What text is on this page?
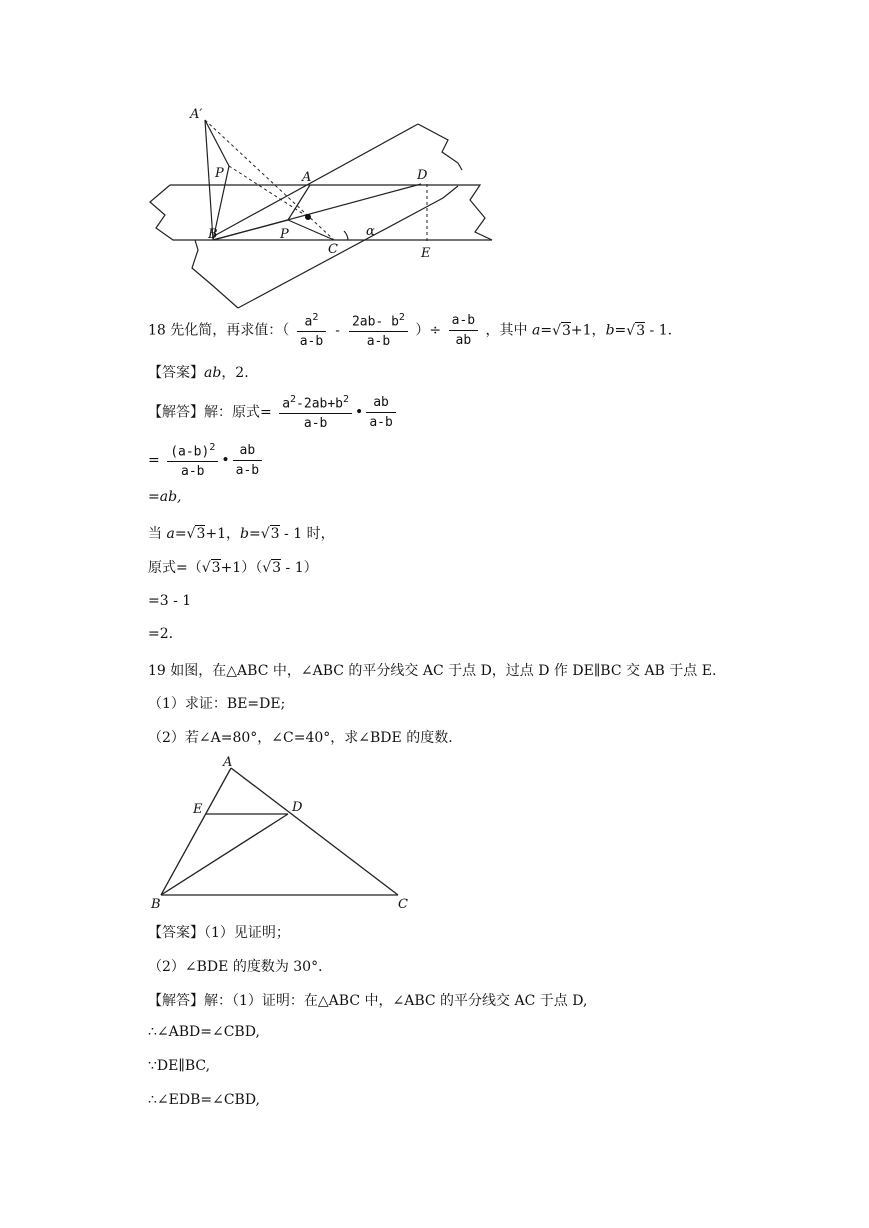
A′
P	A	D
B	P
C
α
E
18 先化简，再求值：（ $\frac{a^2}{a-b} - \frac{2ab- b^2}{a-b}$ ）÷ $\frac{a-b}{ab}$ ，其中 a=√3+1，b=√3 - 1.
【答案】ab，2.
【解答】解：原式= $\frac{a^2-2ab+b^2}{a-b}$ • $\frac{ab}{a-b}$
= $\frac{(a-b)^2}{a-b}$ • $\frac{ab}{a-b}$
=ab,
当 a=√3+1，b=√3 - 1 时，
原式=（√3+1）（√3 - 1）
=3 - 1
=2.
19 如图，在△ABC 中，∠ABC 的平分线交 AC 于点 D，过点 D 作 DE∥BC 交 AB 于点 E.
（1）求证：BE=DE;
（2）若∠A=80°，∠C=40°，求∠BDE 的度数.
A
E	D
B	C
【答案】（1）见证明；
（2）∠BDE 的度数为 30°．
【解答】解：（1）证明：在△ABC 中，∠ABC 的平分线交 AC 于点 D,
∴∠ABD=∠CBD,
∵DE∥BC,
∴∠EDB=∠CBD,
